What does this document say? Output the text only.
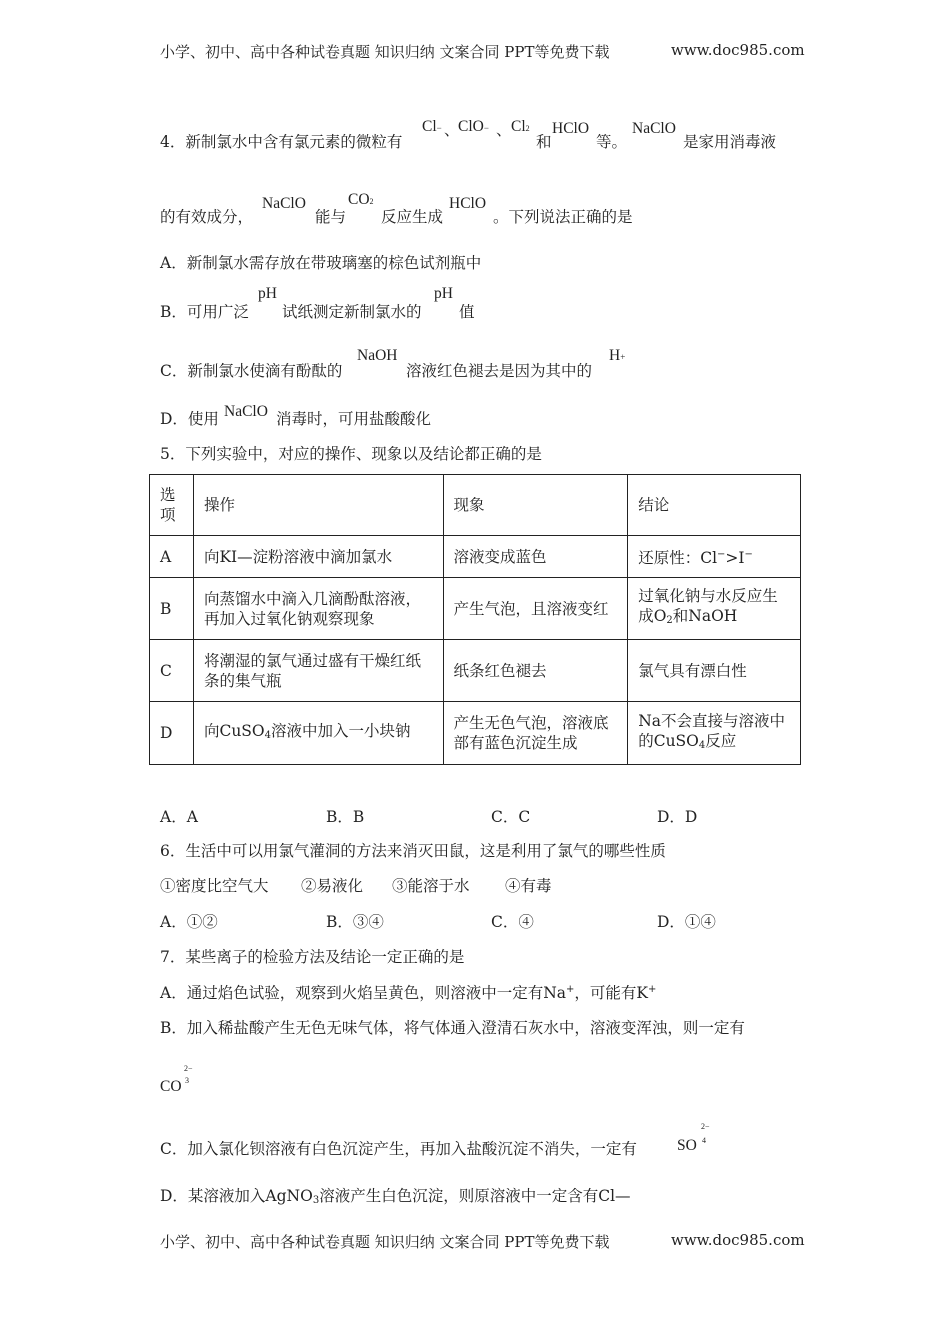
小学、初中、高中各种试卷真题 知识归纳 文案合同 PPT等免费下载	www.doc985.com
4．新制氯水中含有氯元素的微粒有
Cl− 、
ClO− 、 Cl2
和
HClO
等。
NaClO
是家用消毒液
的有效成分，
NaClO
能与
CO2
反应生成
HClO
。下列说法正确的是
A．新制氯水需存放在带玻璃塞的棕色试剂瓶中
B．可用广泛
pH
试纸测定新制氯水的
pH
值
C．新制氯水使滴有酚酞的
NaOH
溶液红色褪去是因为其中的
H+
D．使用 NaClO 消毒时，可用盐酸酸化
5．下列实验中，对应的操作、现象以及结论都正确的是
选项	操作	现象	结论
A	向KI—淀粉溶液中滴加氯水	溶液变成蓝色	还原性：Cl−>I−
B	向蒸馏水中滴入几滴酚酞溶液，再加入过氧化钠观察现象	产生气泡，且溶液变红	过氧化钠与水反应生成$O_2$和NaOH
C	将潮湿的氯气通过盛有干燥红纸条的集气瓶	纸条红色褪去	氯气具有漂白性
D	向CuSO$_4$溶液中加入一小块钠	产生无色气泡，溶液底部有蓝色沉淀生成	Na不会直接与溶液中的CuSO$_4$反应
A．A	B．B	C．C	D．D
6．生活中可以用氯气灌洞的方法来消灭田鼠，这是利用了氯气的哪些性质
①密度比空气大 ②易液化 ③能溶于水 ④有毒
A．①②	B．③④	C．④	D．①④
7．某些离子的检验方法及结论一定正确的是
A．通过焰色试验，观察到火焰呈黄色，则溶液中一定有Na+，可能有K+
B．加入稀盐酸产生无色无味气体，将气体通入澄清石灰水中，溶液变浑浊，则一定有
CO
2−
3
C．加入氯化钡溶液有白色沉淀产生，再加入盐酸沉淀不消失，一定有	SO
2−
4
D．某溶液加入AgNO$_3$溶液产生白色沉淀，则原溶液中一定含有Cl—
小学、初中、高中各种试卷真题 知识归纳 文案合同 PPT等免费下载	www.doc985.com
